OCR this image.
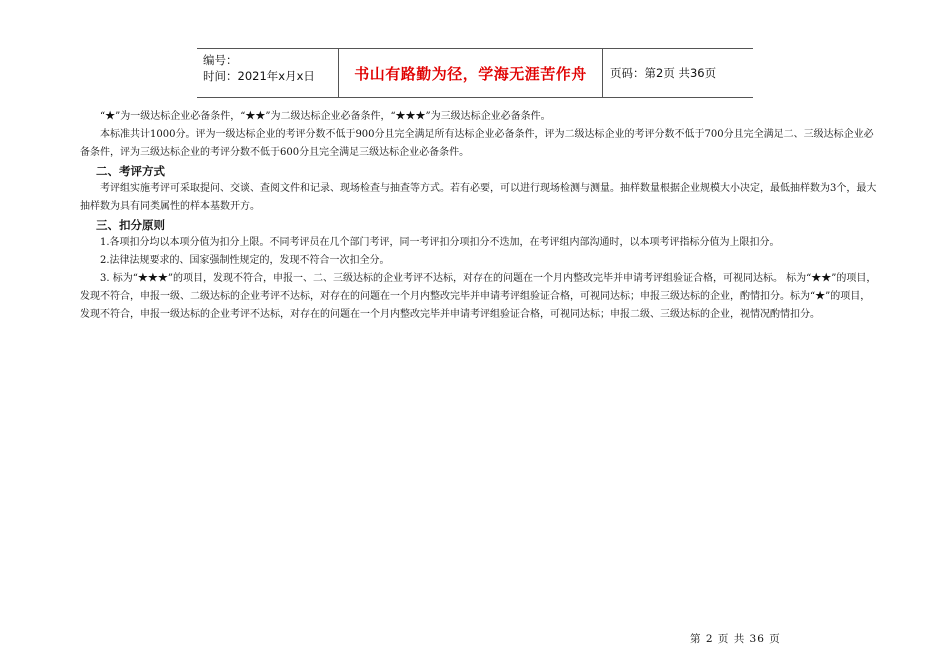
编号：
时间：2021年x月x日	书山有路勤为径，学海无涯苦作舟	页码：第2页 共36页

“★”为一级达标企业必备条件，“★★”为二级达标企业必备条件，“★★★”为三级达标企业必备条件。

本标准共计1000分。评为一级达标企业的考评分数不低于900分且完全满足所有达标企业必备条件，评为二级达标企业的考评分数不低于700分且完全满足二、三级达标企业必备条件，评为三级达标企业的考评分数不低于600分且完全满足三级达标企业必备条件。

二、考评方式

考评组实施考评可采取提问、交谈、查阅文件和记录、现场检查与抽查等方式。若有必要，可以进行现场检测与测量。抽样数量根据企业规模大小决定，最低抽样数为3个，最大抽样数为具有同类属性的样本基数开方。

三、扣分原则

1.各项扣分均以本项分值为扣分上限。不同考评员在几个部门考评，同一考评扣分项扣分不迭加，在考评组内部沟通时，以本项考评指标分值为上限扣分。

2.法律法规要求的、国家强制性规定的，发现不符合一次扣全分。

3. 标为“★★★”的项目，发现不符合，申报一、二、三级达标的企业考评不达标，对存在的问题在一个月内整改完毕并申请考评组验证合格，可视同达标。 标为“★★”的项目，发现不符合，申报一级、二级达标的企业考评不达标，对存在的问题在一个月内整改完毕并申请考评组验证合格，可视同达标；申报三级达标的企业，酌情扣分。标为“★”的项目，发现不符合，申报一级达标的企业考评不达标，对存在的问题在一个月内整改完毕并申请考评组验证合格，可视同达标；申报二级、三级达标的企业，视情况酌情扣分。

第 2 页 共 36 页
